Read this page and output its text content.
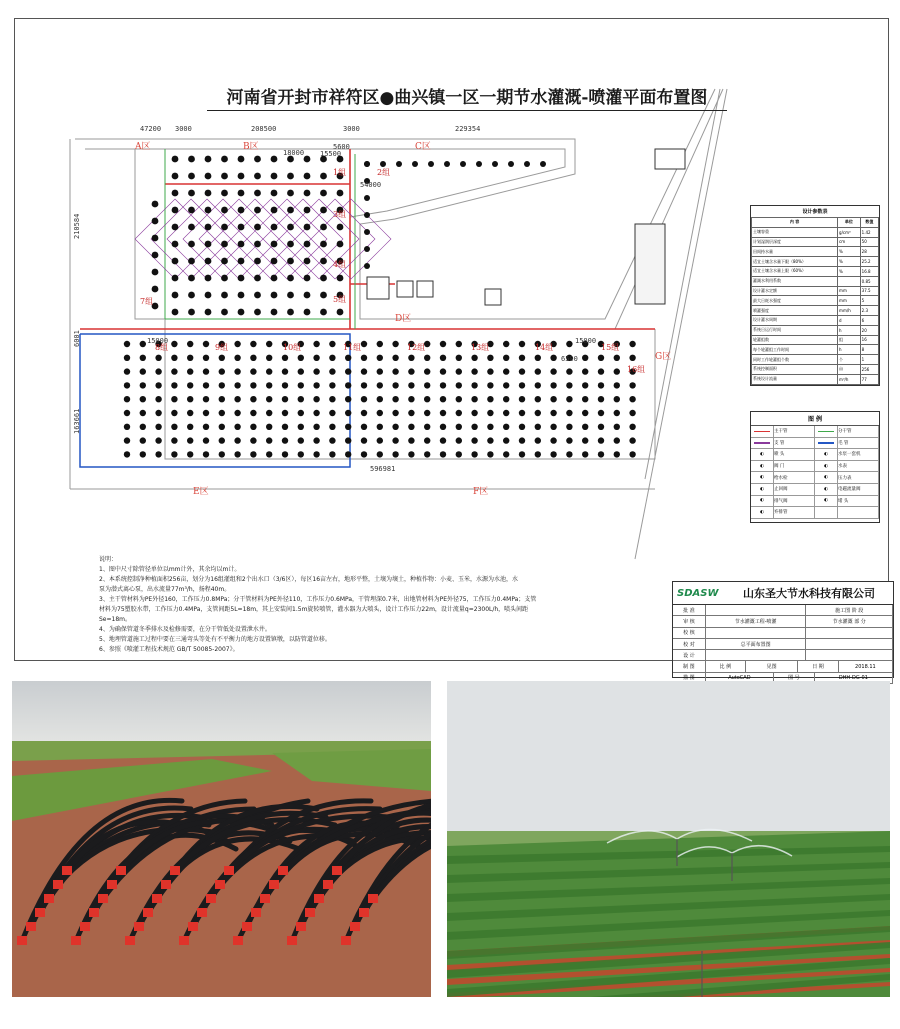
河南省开封市祥符区●曲兴镇一区一期节水灌溉-喷灌平面布置图
47200 3000	208500	3000	229354
210584
6001
163661
596981
18000 15500
5600
54000
15000
6500
15000
A区	B区	C区
D区
E区	F区
G区
1组	2组
3组
4组
5组
7组
8组	9组	10组	11组	12组	13组	14组	15组
16组
设计参数表
内 容	单位	数值
土壤容重	g/cm³	1.42
计划湿润层深度	cm	50
田间持水量	%	28
适宜土壤含水量下限（80%）	%	25.2
适宜土壤含水量上限（60%）	%	16.8
灌溉水利用系数		0.85
设计灌水定额	mm	37.5
最大日耗水强度	mm	5
喷灌强度	mm/h	2.3
设计灌水周期	d	6
系统日运行时间	h	20
轮灌组数	组	16
每个轮灌组工作时间	h	8
同时工作轮灌组个数	个	1
系统控制面积	亩	256
系统设计流量	m³/h	77
图 例
主干管	分干管
支 管	毛 管
◐	喷 头	◐	水泵一套机
◐	阀 门	◐	水表
◐	给水栓	◐	压力表
◐	止回阀	◐	电磁流量阀
◐	排气阀	◐	堵 头
◐	弃排管
说明：
1、图中尺寸除管径单位以mm计外，其余均以m计。
2、本系统控制净种植面积256亩，划分为16组灌组和2个出水口（3/6区），每区16亩左右，地形平整，土壤为壤土，种植作物：小麦、玉米，水源为水池，水
泵为潜式离心泵，出水流量77m³/h，扬程40m。
3、主干管材料为PE外径160，工作压力0.8MPa；分干管材料为PE外径110，工作压力0.6MPa，干管埋深0.7米，出地管材料为PE外径75，工作压力0.4MPa；支管
材料为75塑胶水带，工作压力0.4MPa，支管间距5L=18m，其上安装间1.5m旋转喷管，灌水器为大喷头，设计工作压力22m，设计流量q=2300L/h，喷头间距
Se=18m。
4、为确保管道冬季排水及检修需要，在分干管低处设置泄水井。
5、地埋管道施工过程中要在三通弯头等处有不平衡力的地方设置镇墩，以防管道位移。
6、参照《喷灌工程技术规范 GB/T 50085-2007》。
SDASW	山东圣大节水科技有限公司
批 准	施工图 阶 段
审 核	节水灌溉工程-喷灌	节水灌溉 部 分
校 核
校 对	总平面布置图
设 计
制 图	比 例	见图	日 期	2018.11
描 图	AutoCAD	图 号	DHH-DG-01
